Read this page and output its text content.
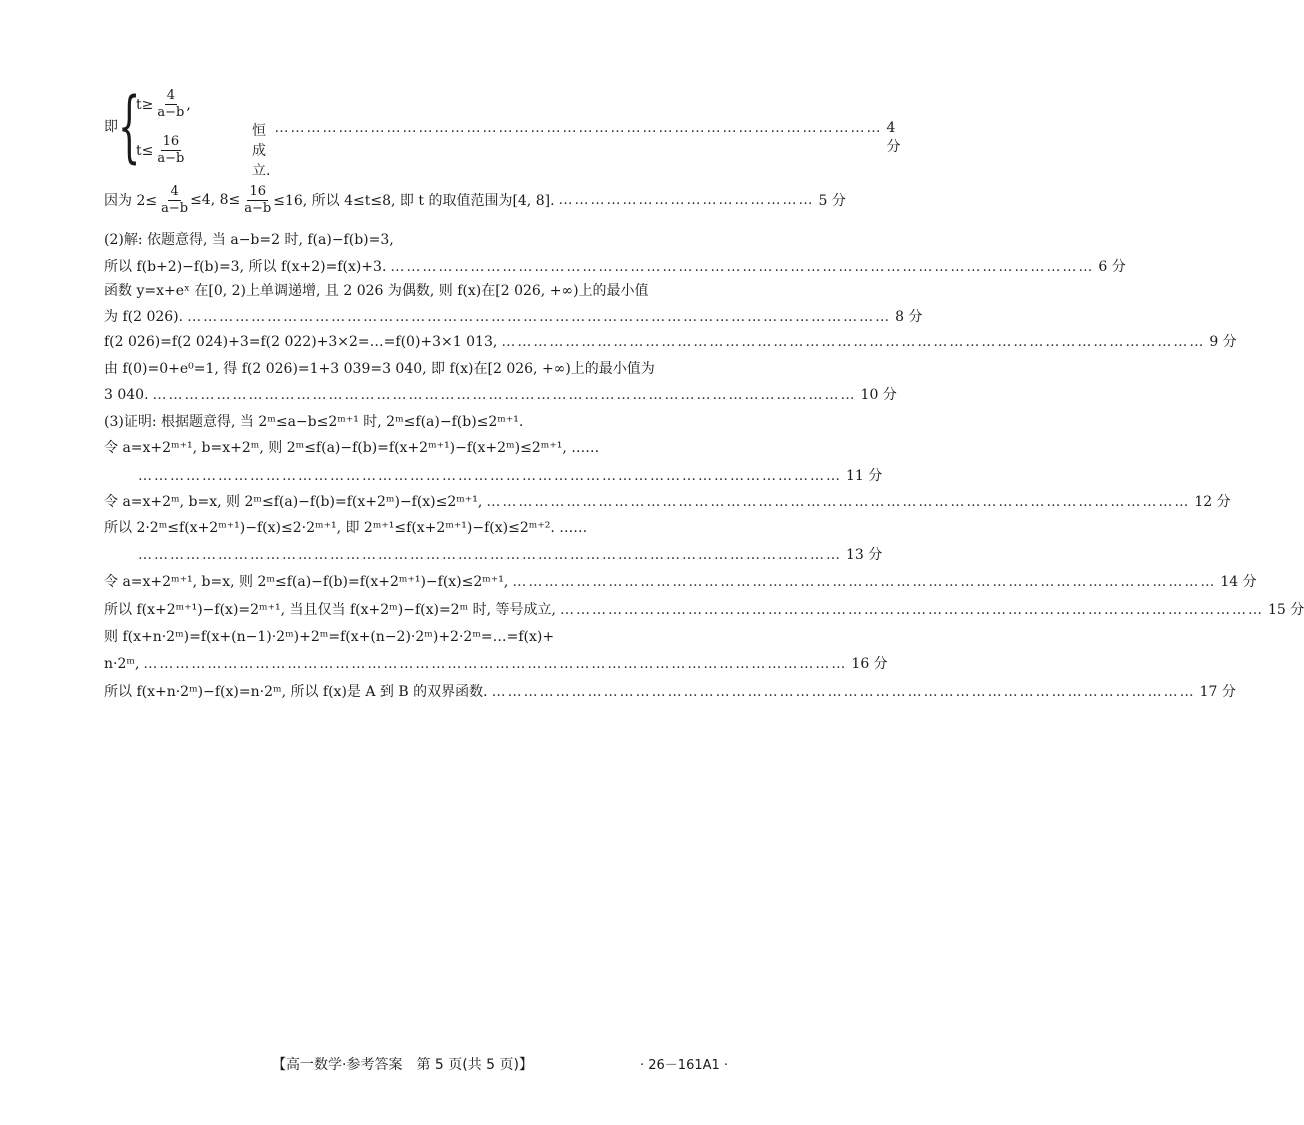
即 {
$t\ge \frac{4}{a-b}$ ,
$t\le \frac{16}{a-b}$
恒成立.
…………………………………………………………………………………………………… 4 分
因为 $2\le \frac{4}{a-b} \le 4$, $8\le \frac{16}{a-b} \le 16$, 所以 4≤t≤8, 即 t 的取值范围为[4, 8]. ………………………………………… 5 分
(2)解: 依题意得, 当 a−b=2 时, f(a)−f(b)=3,
所以 f(b+2)−f(b)=3, 所以 f(x+2)=f(x)+3. …………………………………………………………………………………………………………………… 6 分
函数 y=x+eˣ 在[0, 2)上单调递增, 且 2 026 为偶数, 则 f(x)在[2 026, +∞)上的最小值
为 f(2 026). …………………………………………………………………………………………………………………… 8 分
f(2 026)=f(2 024)+3=f(2 022)+3×2=…=f(0)+3×1 013, …………………………………………………………………………………………………………………… 9 分
由 f(0)=0+e⁰=1, 得 f(2 026)=1+3 039=3 040, 即 f(x)在[2 026, +∞)上的最小值为
3 040. …………………………………………………………………………………………………………………… 10 分
(3)证明: 根据题意得, 当 2ᵐ≤a−b≤2ᵐ⁺¹ 时, 2ᵐ≤f(a)−f(b)≤2ᵐ⁺¹.
令 a=x+2ᵐ⁺¹, b=x+2ᵐ, 则 2ᵐ≤f(a)−f(b)=f(x+2ᵐ⁺¹)−f(x+2ᵐ)≤2ᵐ⁺¹, ……
…………………………………………………………………………………………………………………… 11 分
令 a=x+2ᵐ, b=x, 则 2ᵐ≤f(a)−f(b)=f(x+2ᵐ)−f(x)≤2ᵐ⁺¹, …………………………………………………………………………………………………………………… 12 分
所以 2·2ᵐ≤f(x+2ᵐ⁺¹)−f(x)≤2·2ᵐ⁺¹, 即 2ᵐ⁺¹≤f(x+2ᵐ⁺¹)−f(x)≤2ᵐ⁺². ……
…………………………………………………………………………………………………………………… 13 分
令 a=x+2ᵐ⁺¹, b=x, 则 2ᵐ≤f(a)−f(b)=f(x+2ᵐ⁺¹)−f(x)≤2ᵐ⁺¹, …………………………………………………………………………………………………………………… 14 分
所以 f(x+2ᵐ⁺¹)−f(x)=2ᵐ⁺¹, 当且仅当 f(x+2ᵐ)−f(x)=2ᵐ 时, 等号成立, …………………………………………………………………………………………………………………… 15 分
则 f(x+n·2ᵐ)=f(x+(n−1)·2ᵐ)+2ᵐ=f(x+(n−2)·2ᵐ)+2·2ᵐ=…=f(x)+
n·2ᵐ, …………………………………………………………………………………………………………………… 16 分
所以 f(x+n·2ᵐ)−f(x)=n·2ᵐ, 所以 f(x)是 A 到 B 的双界函数. …………………………………………………………………………………………………………………… 17 分
【高一数学·参考答案　第 5 页(共 5 页)】	· 26－161A1 ·
